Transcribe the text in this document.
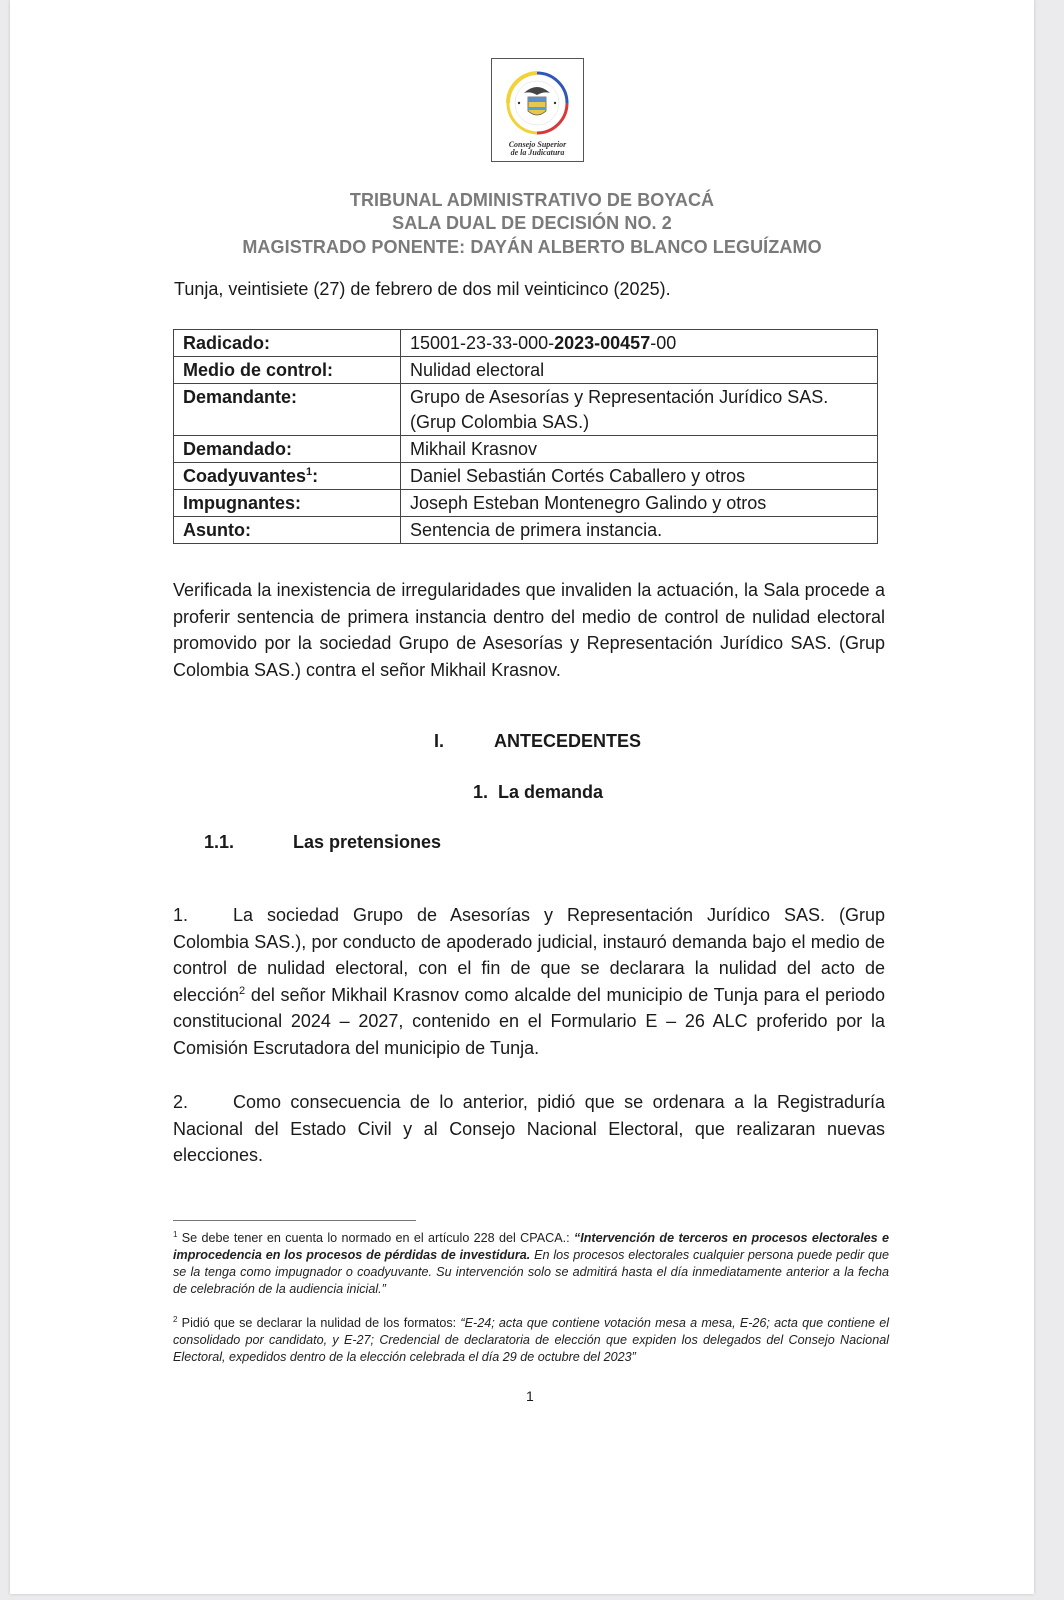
Consejo Superior
de la Judicatura
TRIBUNAL ADMINISTRATIVO DE BOYACÁ
SALA DUAL DE DECISIÓN NO. 2
MAGISTRADO PONENTE: DAYÁN ALBERTO BLANCO LEGUÍZAMO
Tunja, veintisiete (27) de febrero de dos mil veinticinco (2025).
Radicado:	15001-23-33-000-2023-00457-00
Medio de control:	Nulidad electoral
Demandante:	Grupo de Asesorías y Representación Jurídico SAS.
(Grup Colombia SAS.)
Demandado:	Mikhail Krasnov
Coadyuvantes$^1$:	Daniel Sebastián Cortés Caballero y otros
Impugnantes:	Joseph Esteban Montenegro Galindo y otros
Asunto:	Sentencia de primera instancia.
Verificada la inexistencia de irregularidades que invaliden la actuación, la Sala procede a proferir sentencia de primera instancia dentro del medio de control de nulidad electoral promovido por la sociedad Grupo de Asesorías y Representación Jurídico SAS. (Grup Colombia SAS.) contra el señor Mikhail Krasnov.
I.	ANTECEDENTES
1.  La demanda
1.1.	Las pretensiones
1. La sociedad Grupo de Asesorías y Representación Jurídico SAS. (Grup Colombia SAS.), por conducto de apoderado judicial, instauró demanda bajo el medio de control de nulidad electoral, con el fin de que se declarara la nulidad del acto de elección$^2$ del señor Mikhail Krasnov como alcalde del municipio de Tunja para el periodo constitucional 2024 – 2027, contenido en el Formulario E – 26 ALC proferido por la Comisión Escrutadora del municipio de Tunja.
2. Como consecuencia de lo anterior, pidió que se ordenara a la Registraduría Nacional del Estado Civil y al Consejo Nacional Electoral, que realizaran nuevas elecciones.
$^1$ Se debe tener en cuenta lo normado en el artículo 228 del CPACA.: “Intervención de terceros en procesos electorales e improcedencia en los procesos de pérdidas de investidura. En los procesos electorales cualquier persona puede pedir que se la tenga como impugnador o coadyuvante. Su intervención solo se admitirá hasta el día inmediatamente anterior a la fecha de celebración de la audiencia inicial.”
$^2$ Pidió que se declarar la nulidad de los formatos: “E-24; acta que contiene votación mesa a mesa, E-26; acta que contiene el consolidado por candidato, y E-27; Credencial de declaratoria de elección que expiden los delegados del Consejo Nacional Electoral, expedidos dentro de la elección celebrada el día 29 de octubre del 2023”
1
